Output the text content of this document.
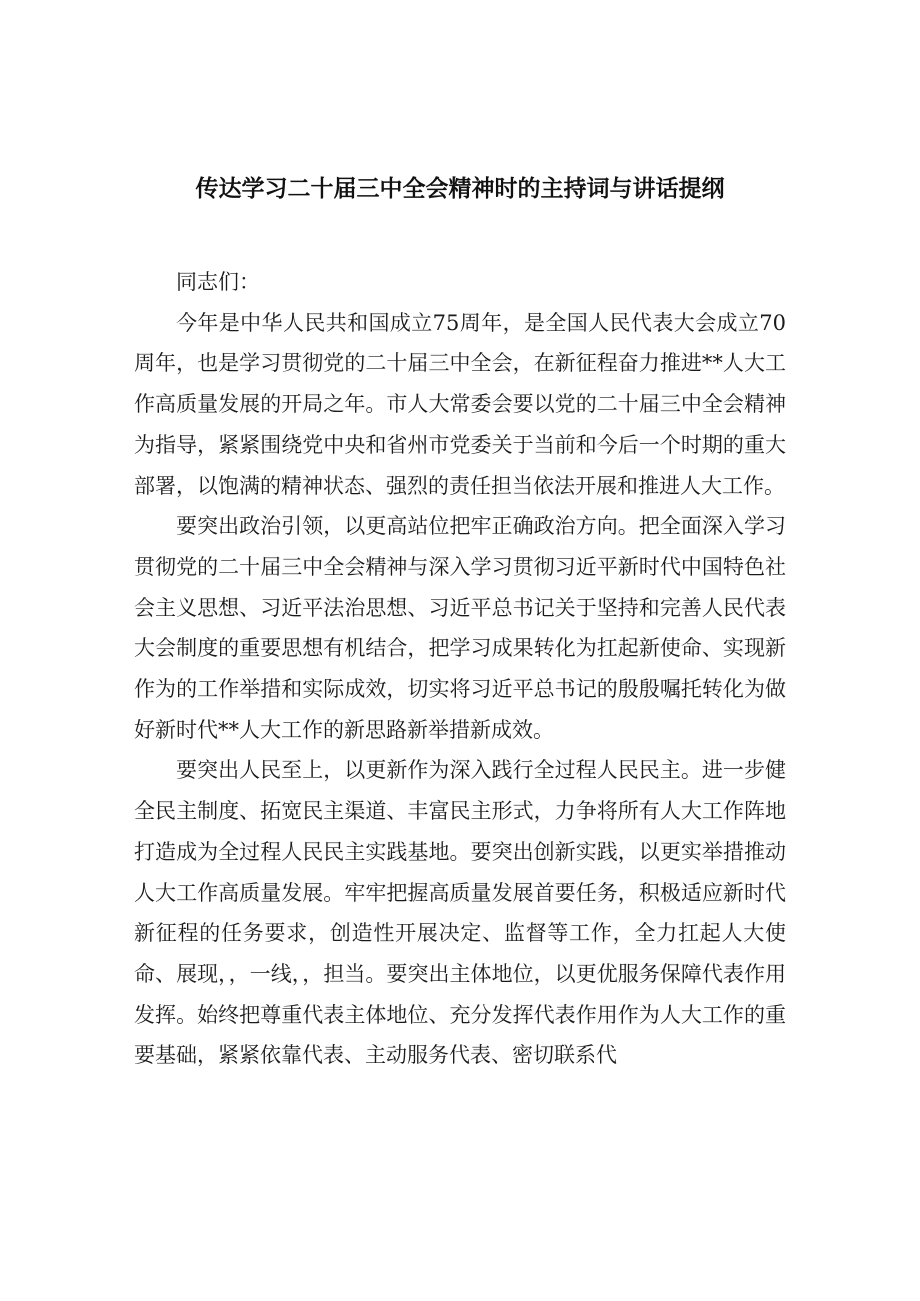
传达学习二十届三中全会精神时的主持词与讲话提纲

同志们：

今年是中华人民共和国成立75周年，是全国人民代表大会成立70周年，也是学习贯彻党的二十届三中全会，在新征程奋力推进**人大工作高质量发展的开局之年。市人大常委会要以党的二十届三中全会精神为指导，紧紧围绕党中央和省州市党委关于当前和今后一个时期的重大部署，以饱满的精神状态、强烈的责任担当依法开展和推进人大工作。

要突出政治引领，以更高站位把牢正确政治方向。把全面深入学习贯彻党的二十届三中全会精神与深入学习贯彻习近平新时代中国特色社会主义思想、习近平法治思想、习近平总书记关于坚持和完善人民代表大会制度的重要思想有机结合，把学习成果转化为扛起新使命、实现新作为的工作举措和实际成效，切实将习近平总书记的殷殷嘱托转化为做好新时代**人大工作的新思路新举措新成效。

要突出人民至上，以更新作为深入践行全过程人民民主。进一步健全民主制度、拓宽民主渠道、丰富民主形式，力争将所有人大工作阵地打造成为全过程人民民主实践基地。要突出创新实践，以更实举措推动人大工作高质量发展。牢牢把握高质量发展首要任务，积极适应新时代新征程的任务要求，创造性开展决定、监督等工作，全力扛起人大使命、展现，，一线，，担当。要突出主体地位，以更优服务保障代表作用发挥。始终把尊重代表主体地位、充分发挥代表作用作为人大工作的重要基础，紧紧依靠代表、主动服务代表、密切联系代
